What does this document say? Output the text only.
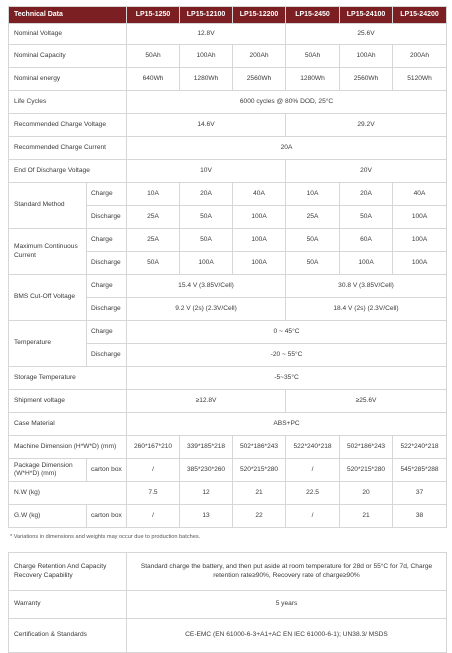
Technical Data		LP15-1250	LP15-12100	LP15-12200	LP15-2450	LP15-24100	LP15-24200
Nominal Voltage		12.8V			25.6V		
Nominal Capacity		50Ah	100Ah	200Ah	50Ah	100Ah	200Ah
Nominal energy		640Wh	1280Wh	2560Wh	1280Wh	2560Wh	5120Wh
Life Cycles		6000 cycles @ 80% DOD, 25°C					
Recommended Charge Voltage		14.6V			29.2V		
Recommended Charge Current		20A					
End Of Discharge Voltage		10V			20V		
Standard Method	Charge	10A	20A	40A	10A	20A	40A
	Discharge	25A	50A	100A	25A	50A	100A
Maximum Continuous Current	Charge	25A	50A	100A	50A	60A	100A
	Discharge	50A	100A	100A	50A	100A	100A
BMS Cut-Off Voltage	Charge	15.4 V (3.85V/Cell)			30.8 V (3.85V/Cell)		
	Discharge	9.2 V (2s) (2.3V/Cell)			18.4 V (2s) (2.3V/Cell)		
Temperature	Charge	0 ~ 45°C					
	Discharge	-20 ~ 55°C					
Storage Temperature		-5~35°C					
Shipment voltage		≥12.8V			≥25.6V		
Case Material		ABS+PC					
Machine Dimension (H*W*D) (mm)		260*167*210	339*185*218	502*186*243	522*240*218	502*186*243	522*240*218
Package Dimension (W*H*D) (mm)	carton box	/	385*230*260	520*215*280	/	520*215*280	545*285*288
N.W (kg)		7.5	12	21	22.5	20	37
G.W (kg)	carton box	/	13	22	/	21	38
* Variations in dimensions and weights may occur due to production batches.
Charge Retention And Capacity Recovery Capability	Standard charge the battery, and then put aside at room temperature for 28d or 55°C for 7d, Charge retention rate≥90%, Recovery rate of charge≥90%
Warranty	5 years
Certification & Standards	CE-EMC (EN 61000-6-3+A1+AC EN IEC 61000-6-1); UN38.3/ MSDS
